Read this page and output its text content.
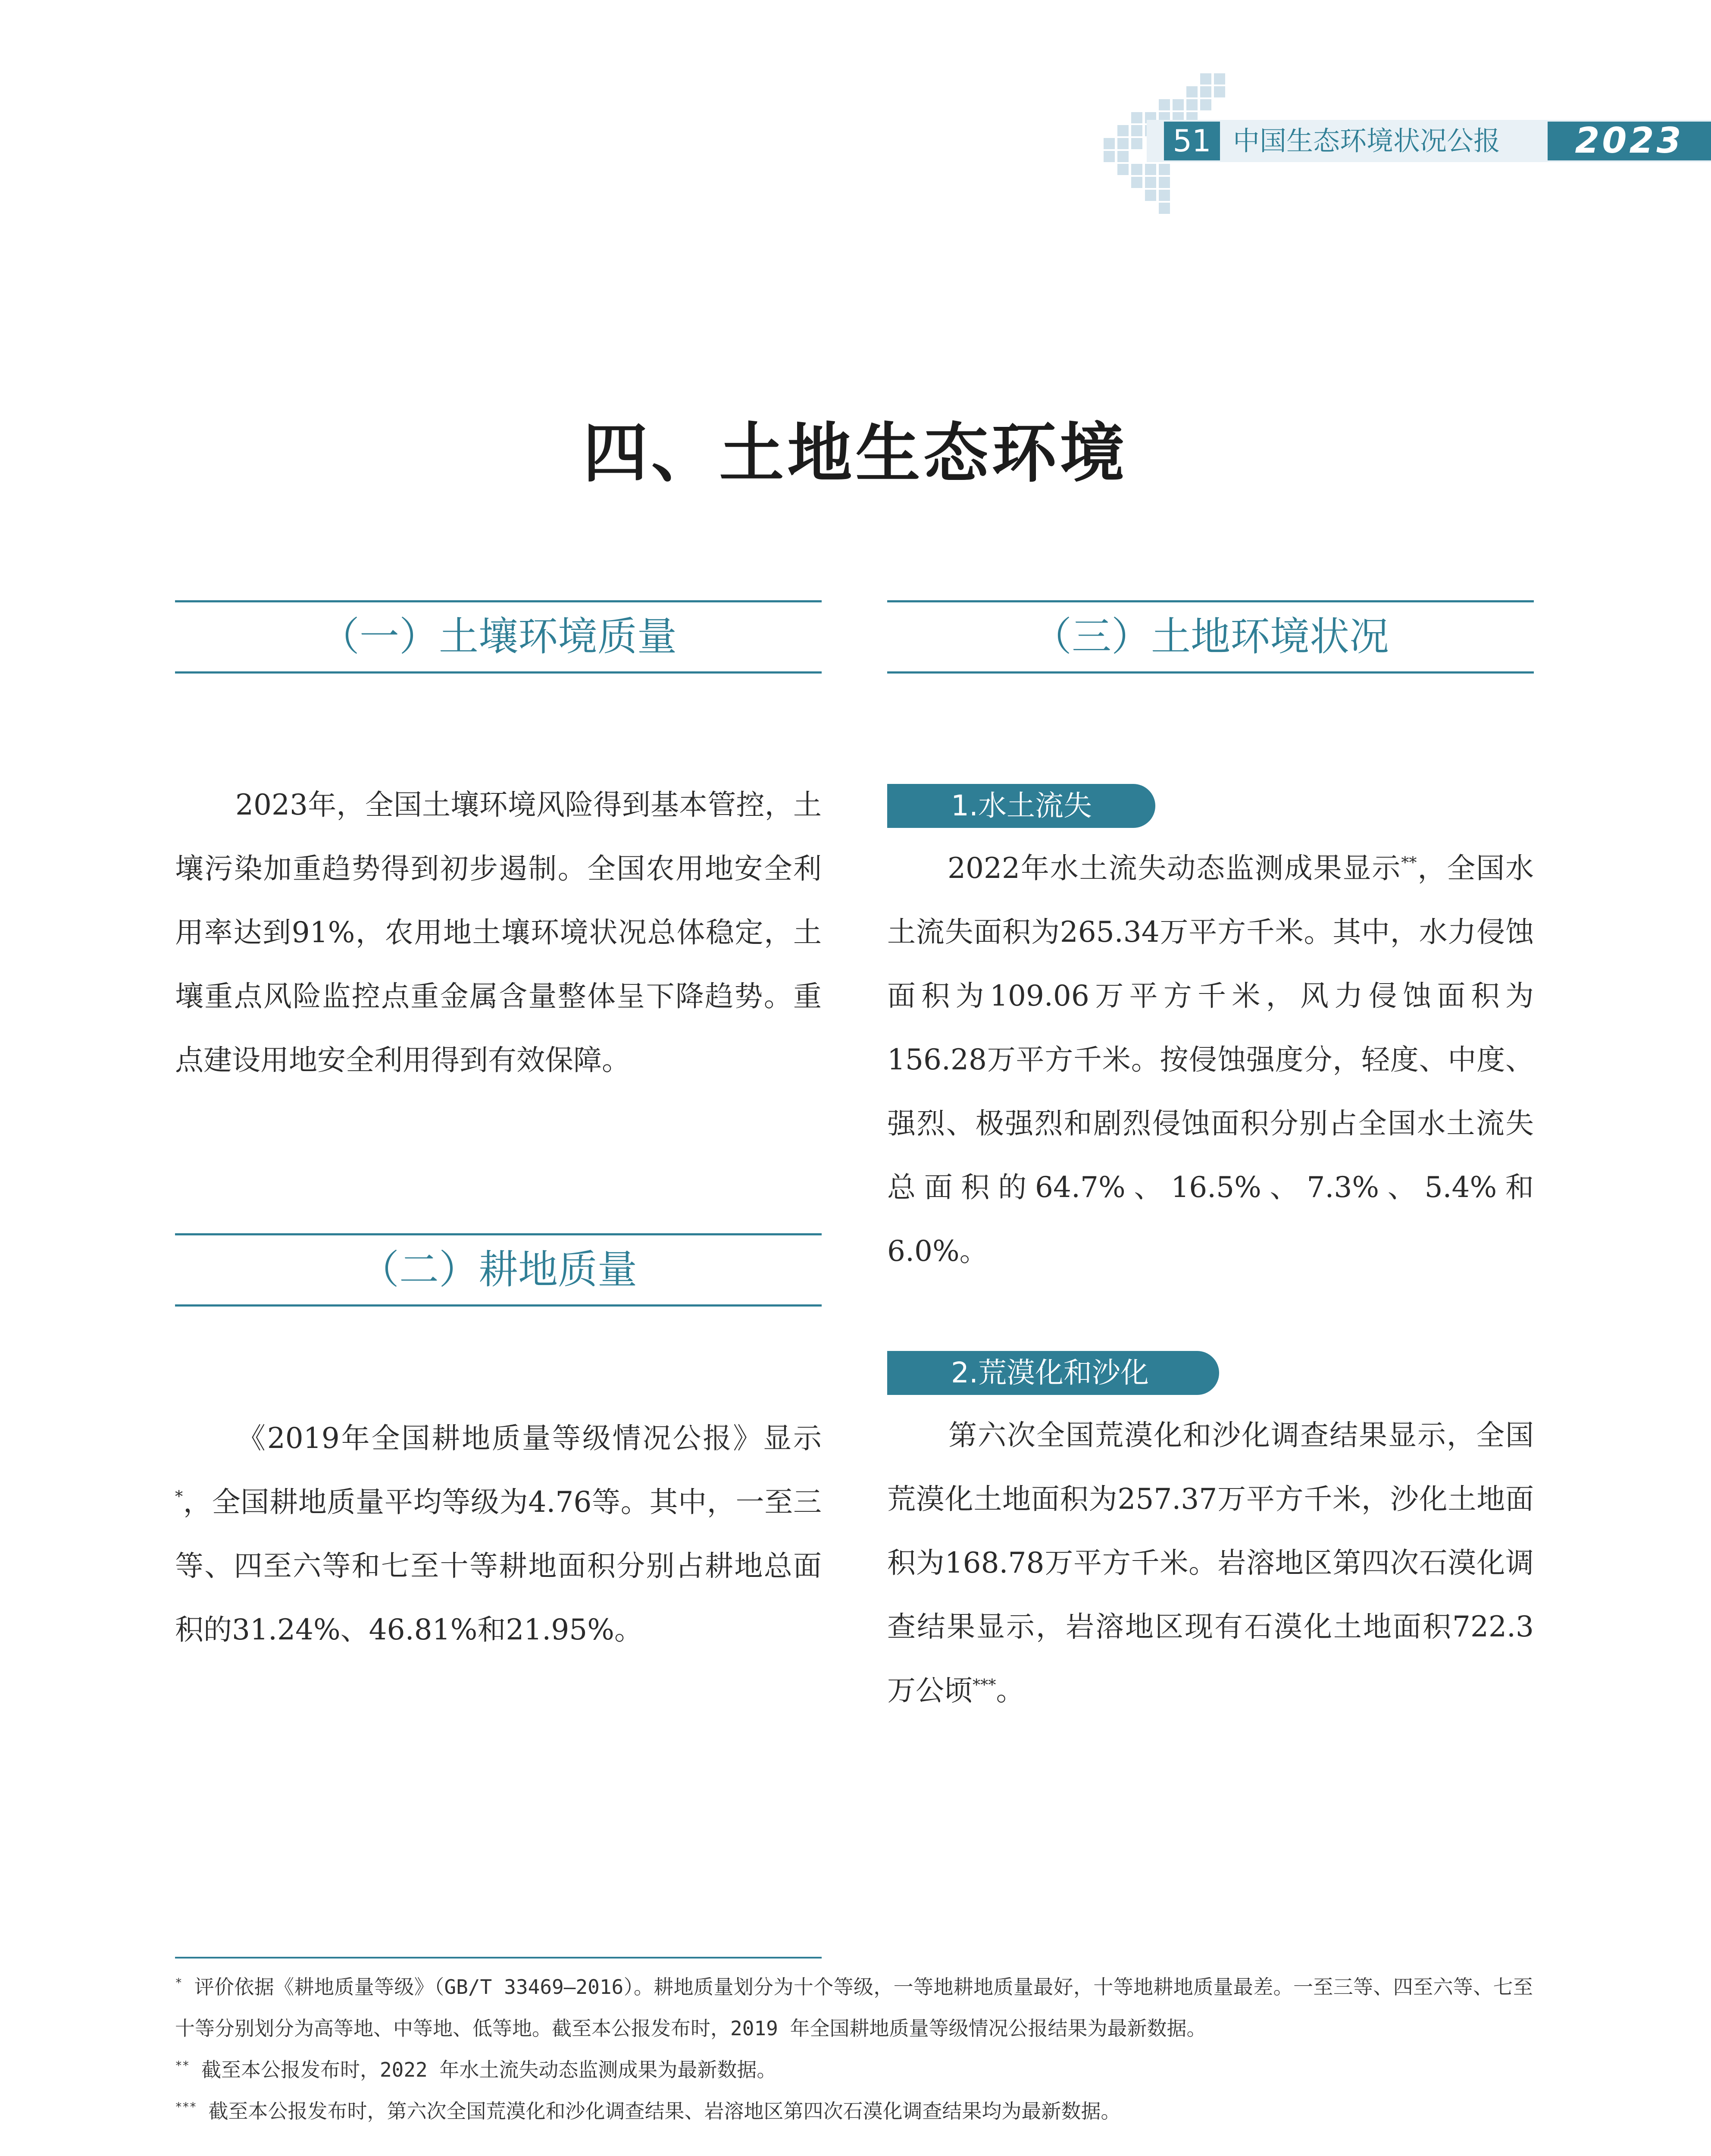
51 中国生态环境状况公报	2023
四、土地生态环境
（一）土壤环境质量

2023年，全国土壤环境风险得到基本管控，土壤污染加重趋势得到初步遏制。全国农用地安全利用率达到91%，农用地土壤环境状况总体稳定，土壤重点风险监控点重金属含量整体呈下降趋势。重点建设用地安全利用得到有效保障。

（二）耕地质量

《2019年全国耕地质量等级情况公报》显示*，全国耕地质量平均等级为4.76等。其中，一至三等、四至六等和七至十等耕地面积分别占耕地总面积的31.24%、46.81%和21.95%。

（三）土地环境状况
1.水土流失

2022年水土流失动态监测成果显示**，全国水土流失面积为265.34万平方千米。其中，水力侵蚀面积为109.06万平方千米，风力侵蚀面积为156.28万平方千米。按侵蚀强度分，轻度、中度、强烈、极强烈和剧烈侵蚀面积分别占全国水土流失总面积的64.7%、16.5%、7.3%、5.4%和6.0%。

2.荒漠化和沙化

第六次全国荒漠化和沙化调查结果显示，全国荒漠化土地面积为257.37万平方千米，沙化土地面积为168.78万平方千米。岩溶地区第四次石漠化调查结果显示，岩溶地区现有石漠化土地面积722.3万公顷***。

* 评价依据《耕地质量等级》（GB/T 33469—2016）。耕地质量划分为十个等级，一等地耕地质量最好，十等地耕地质量最差。一至三等、四至六等、七至十等分别划分为高等地、中等地、低等地。截至本公报发布时，2019 年全国耕地质量等级情况公报结果为最新数据。

** 截至本公报发布时，2022 年水土流失动态监测成果为最新数据。

*** 截至本公报发布时，第六次全国荒漠化和沙化调查结果、岩溶地区第四次石漠化调查结果均为最新数据。
